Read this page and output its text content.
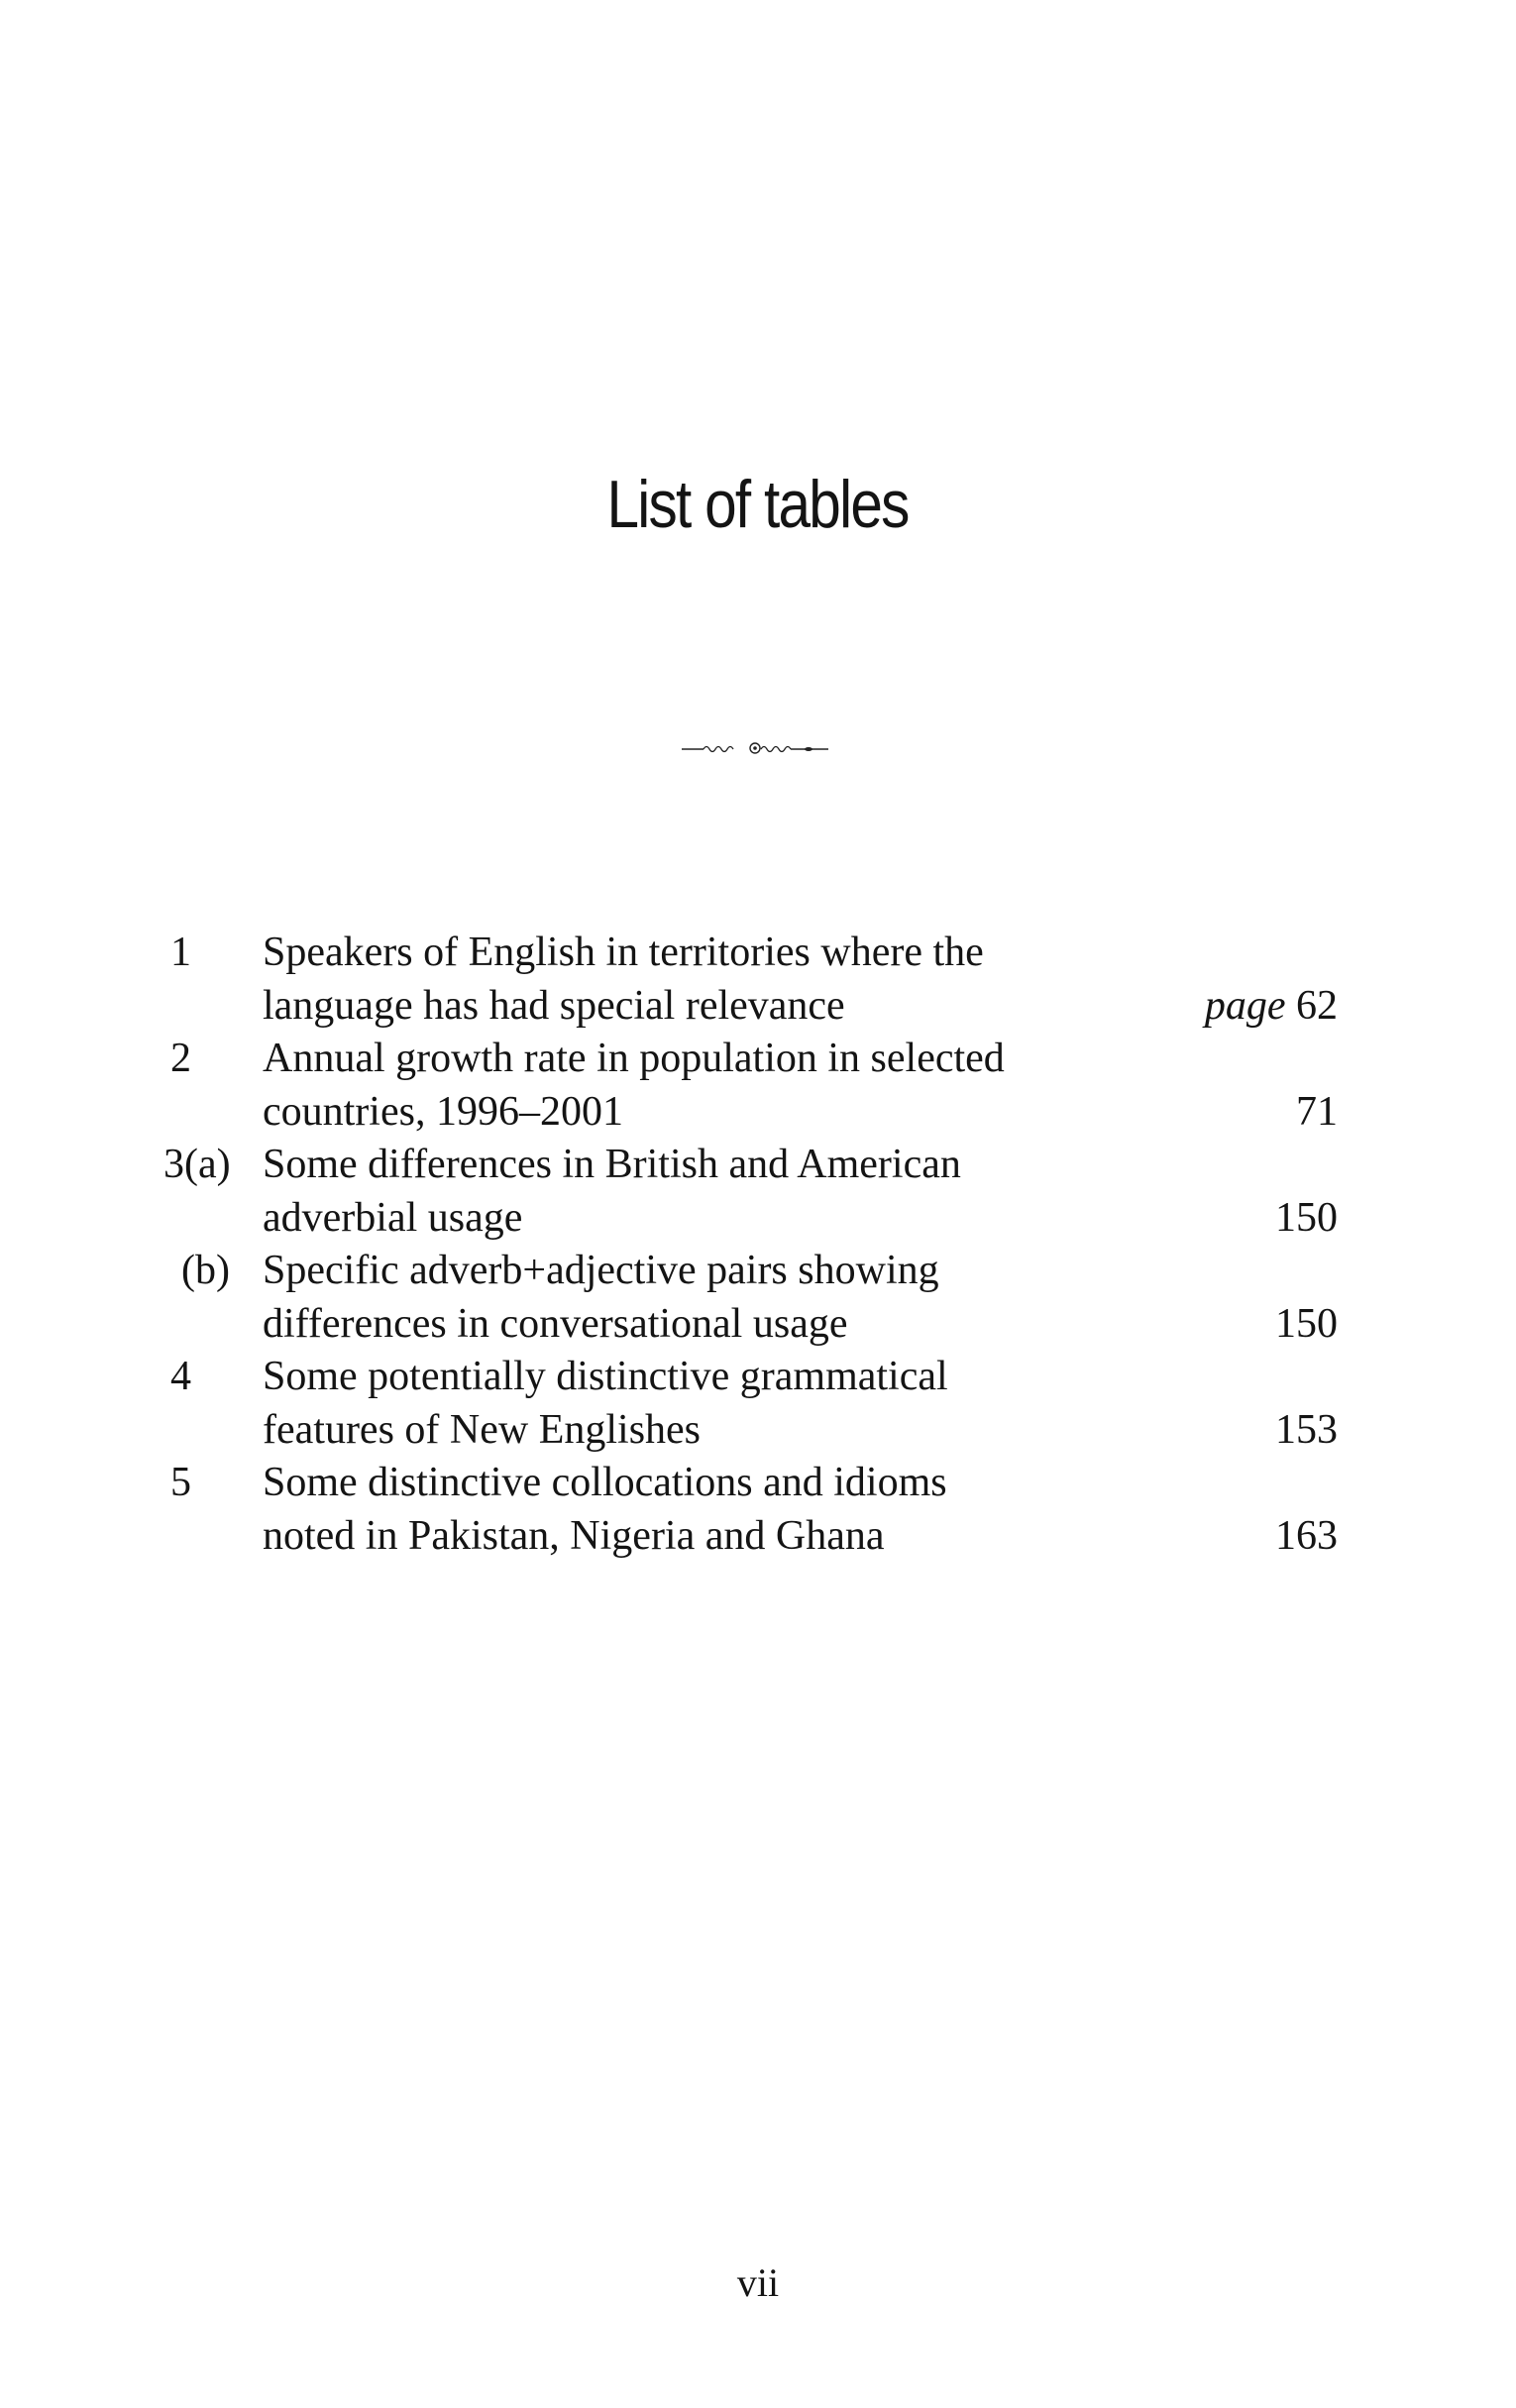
List of tables
1	Speakers of English in territories where the
language has had special relevance	page 62
2	Annual growth rate in population in selected
countries, 1996–2001	71
3(a) Some differences in British and American
adverbial usage	150
(b) Specific adverb+adjective pairs showing
differences in conversational usage	150
4	Some potentially distinctive grammatical
features of New Englishes	153
5	Some distinctive collocations and idioms
noted in Pakistan, Nigeria and Ghana	163
vii
